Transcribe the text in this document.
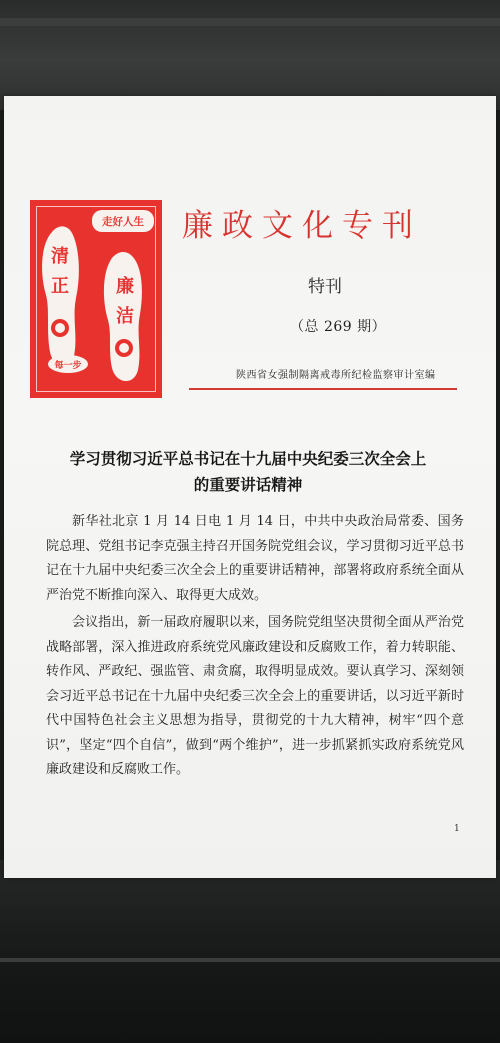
走好人生
清
正	廉
洁
每一步
廉政文化专刊
特刊
（总 269 期）
陕西省女强制隔离戒毒所纪检监察审计室编
学习贯彻习近平总书记在十九届中央纪委三次全会上
的重要讲话精神

新华社北京 1 月 14 日电 1 月 14 日，中共中央政治局常委、国务院总理、党组书记李克强主持召开国务院党组会议，学习贯彻习近平总书记在十九届中央纪委三次全会上的重要讲话精神，部署将政府系统全面从严治党不断推向深入、取得更大成效。

会议指出，新一届政府履职以来，国务院党组坚决贯彻全面从严治党战略部署，深入推进政府系统党风廉政建设和反腐败工作，着力转职能、转作风、严政纪、强监管、肃贪腐，取得明显成效。要认真学习、深刻领会习近平总书记在十九届中央纪委三次全会上的重要讲话，以习近平新时代中国特色社会主义思想为指导，贯彻党的十九大精神，树牢“四个意识”，坚定“四个自信”，做到“两个维护”，进一步抓紧抓实政府系统党风廉政建设和反腐败工作。

1
